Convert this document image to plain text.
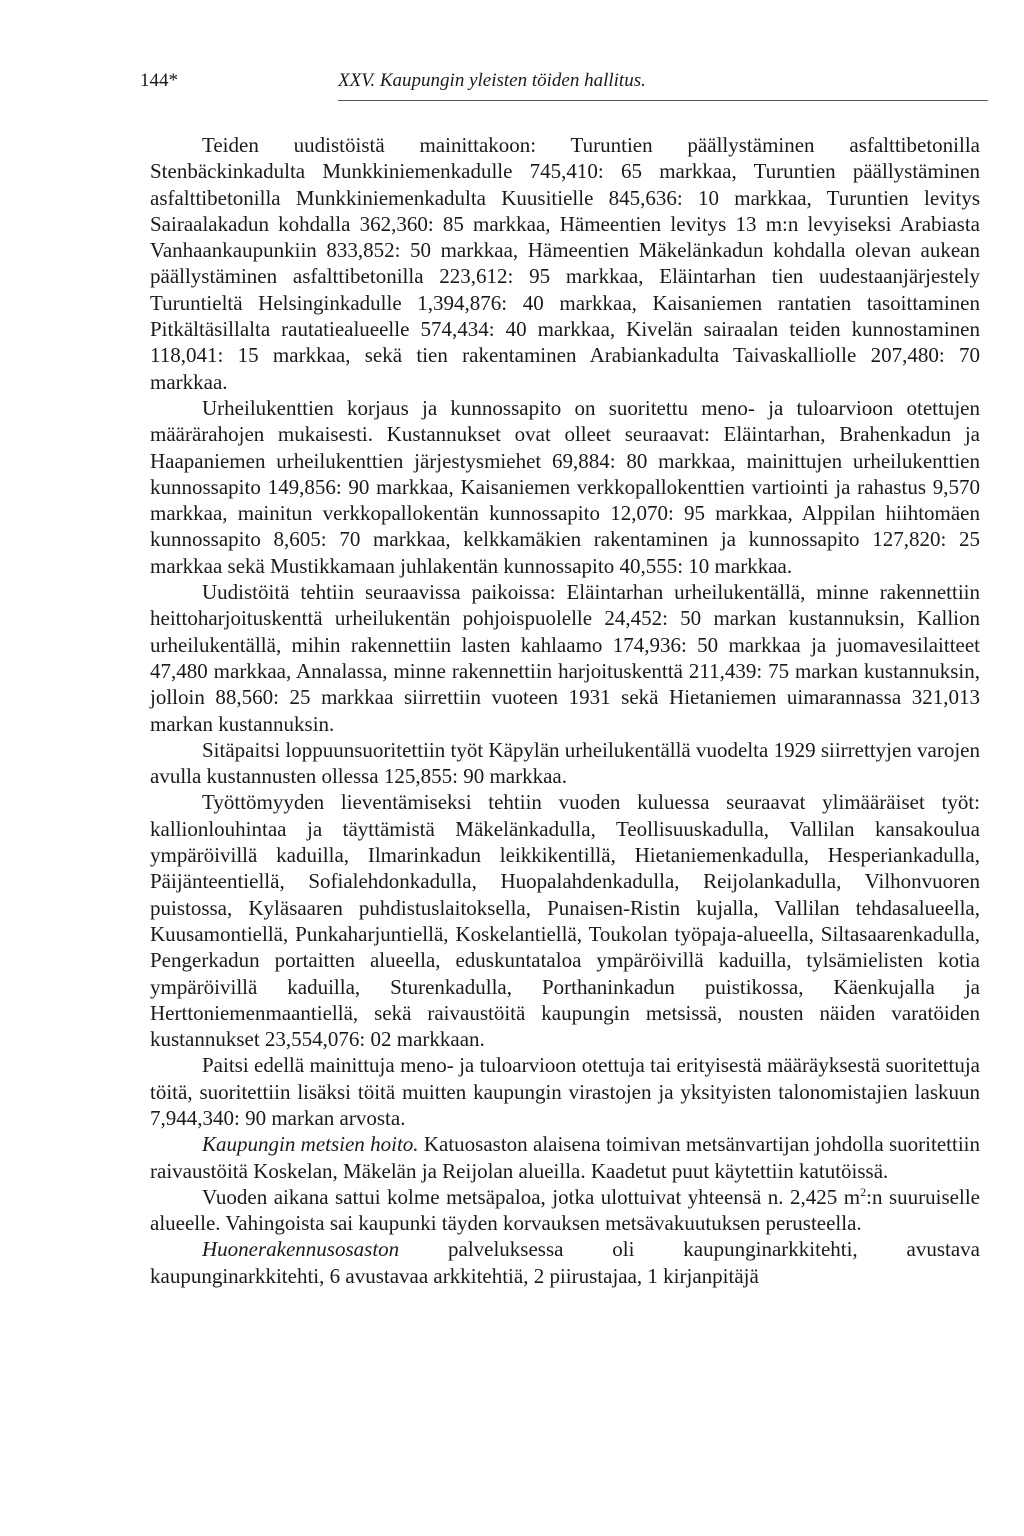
144*	XXV. Kaupungin yleisten töiden hallitus.

Teiden uudistöistä mainittakoon: Turuntien päällystäminen asfalttibetonilla Stenbäckinkadulta Munkkiniemenkadulle 745,410: 65 markkaa, Turuntien päällystäminen asfalttibetonilla Munkkiniemenkadulta Kuusitielle 845,636: 10 markkaa, Turuntien levitys Sairaalakadun kohdalla 362,360: 85 markkaa, Hämeentien levitys 13 m:n levyiseksi Arabiasta Vanhaankaupunkiin 833,852: 50 markkaa, Hämeentien Mäkelänkadun kohdalla olevan aukean päällystäminen asfalttibetonilla 223,612: 95 markkaa, Eläintarhan tien uudestaanjärjestely Turuntieltä Helsinginkadulle 1,394,876: 40 markkaa, Kaisaniemen rantatien tasoittaminen Pitkältäsillalta rautatiealueelle 574,434: 40 markkaa, Kivelän sairaalan teiden kunnostaminen 118,041: 15 markkaa, sekä tien rakentaminen Arabiankadulta Taivaskalliolle 207,480: 70 markkaa.

Urheilukenttien korjaus ja kunnossapito on suoritettu meno- ja tuloarvioon otettujen määrärahojen mukaisesti. Kustannukset ovat olleet seuraavat: Eläintarhan, Brahenkadun ja Haapaniemen urheilukenttien järjestysmiehet 69,884: 80 markkaa, mainittujen urheilukenttien kunnossapito 149,856: 90 markkaa, Kaisaniemen verkkopallokenttien vartiointi ja rahastus 9,570 markkaa, mainitun verkkopallokentän kunnossapito 12,070: 95 markkaa, Alppilan hiihtomäen kunnossapito 8,605: 70 markkaa, kelkkamäkien rakentaminen ja kunnossapito 127,820: 25 markkaa sekä Mustikkamaan juhlakentän kunnossapito 40,555: 10 markkaa.

Uudistöitä tehtiin seuraavissa paikoissa: Eläintarhan urheilukentällä, minne rakennettiin heittoharjoituskenttä urheilukentän pohjoispuolelle 24,452: 50 markan kustannuksin, Kallion urheilukentällä, mihin rakennettiin lasten kahlaamo 174,936: 50 markkaa ja juomavesilaitteet 47,480 markkaa, Annalassa, minne rakennettiin harjoituskenttä 211,439: 75 markan kustannuksin, jolloin 88,560: 25 markkaa siirrettiin vuoteen 1931 sekä Hietaniemen uimarannassa 321,013 markan kustannuksin.

Sitäpaitsi loppuunsuoritettiin työt Käpylän urheilukentällä vuodelta 1929 siirrettyjen varojen avulla kustannusten ollessa 125,855: 90 markkaa.

Työttömyyden lieventämiseksi tehtiin vuoden kuluessa seuraavat ylimääräiset työt: kallionlouhintaa ja täyttämistä Mäkelänkadulla, Teollisuuskadulla, Vallilan kansakoulua ympäröivillä kaduilla, Ilmarinkadun leikkikentillä, Hietaniemenkadulla, Hesperiankadulla, Päijänteentiellä, Sofialehdonkadulla, Huopalahdenkadulla, Reijolankadulla, Vilhonvuoren puistossa, Kyläsaaren puhdistuslaitoksella, Punaisen-Ristin kujalla, Vallilan tehdasalueella, Kuusamontiellä, Punkaharjuntiellä, Koskelantiellä, Toukolan työpaja-alueella, Siltasaarenkadulla, Pengerkadun portaitten alueella, eduskuntataloa ympäröivillä kaduilla, tylsämielisten kotia ympäröivillä kaduilla, Sturenkadulla, Porthaninkadun puistikossa, Käenkujalla ja Herttoniemenmaantiellä, sekä raivaustöitä kaupungin metsissä, nousten näiden varatöiden kustannukset 23,554,076: 02 markkaan.

Paitsi edellä mainittuja meno- ja tuloarvioon otettuja tai erityisestä määräyksestä suoritettuja töitä, suoritettiin lisäksi töitä muitten kaupungin virastojen ja yksityisten talonomistajien laskuun 7,944,340: 90 markan arvosta.

Kaupungin metsien hoito. Katuosaston alaisena toimivan metsänvartijan johdolla suoritettiin raivaustöitä Koskelan, Mäkelän ja Reijolan alueilla. Kaadetut puut käytettiin katutöissä.

Vuoden aikana sattui kolme metsäpaloa, jotka ulottuivat yhteensä n. 2,425 $m^2:n$ suuruiselle alueelle. Vahingoista sai kaupunki täyden korvauksen metsävakuutuksen perusteella.

Huonerakennusosaston palveluksessa oli kaupunginarkkitehti, avustava kaupunginarkkitehti, 6 avustavaa arkkitehtiä, 2 piirustajaa, 1 kirjanpitäjä
